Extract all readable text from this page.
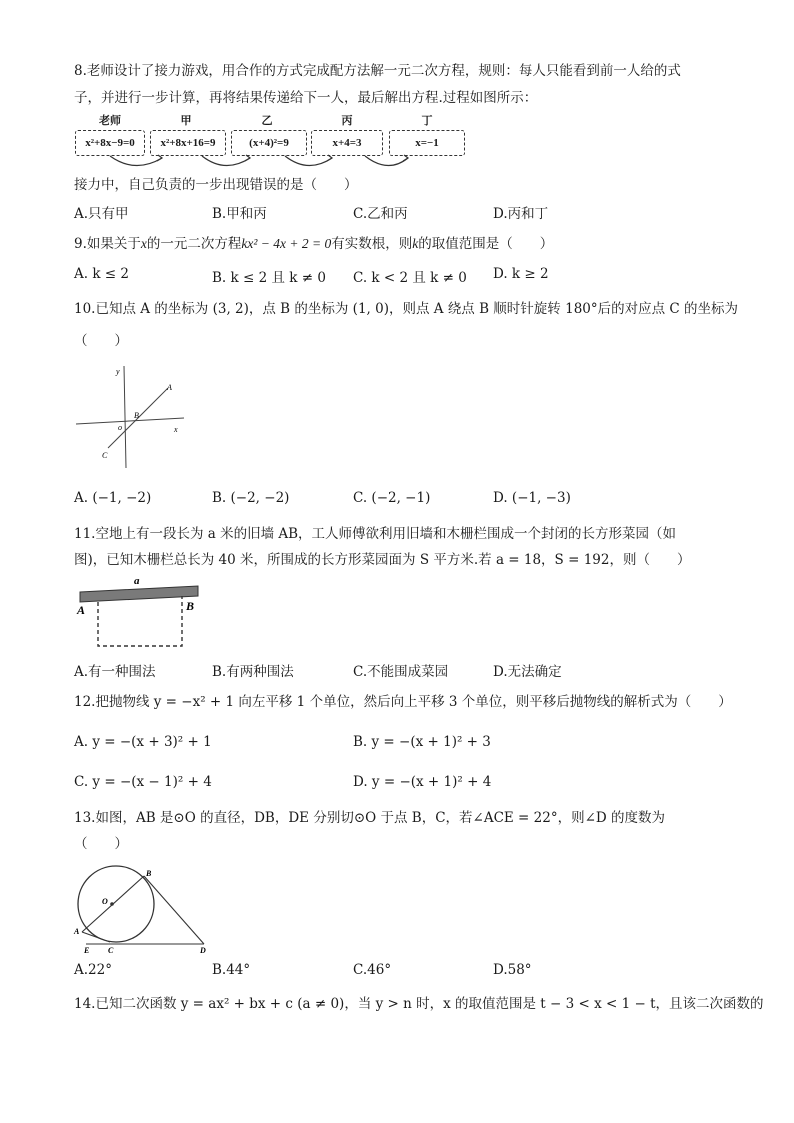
8.老师设计了接力游戏，用合作的方式完成配方法解一元二次方程，规则：每人只能看到前一人给的式
子，并进行一步计算，再将结果传递给下一人，最后解出方程.过程如图所示：
老师	甲	乙	丙	丁
x²+8x−9=0	x²+8x+16=9	(x+4)²=9	x+4=3	x=−1
接力中，自己负责的一步出现错误的是（　　）
A.只有甲	B.甲和丙	C.乙和丙	D.丙和丁
9.如果关于x的一元二次方程kx² − 4x + 2 = 0有实数根，则k的取值范围是（　　）
A. k ≤ 2	B. k ≤ 2 且 k ≠ 0 C. k < 2 且 k ≠ 0 D. k ≥ 2
10.已知点 A 的坐标为 (3, 2)，点 B 的坐标为 (1, 0)，则点 A 绕点 B 顺时针旋转 180°后的对应点 C 的坐标为
（　　）
y
x
o
A
B
C
A. (−1, −2)	B. (−2, −2)	C. (−2, −1)	D. (−1, −3)
11.空地上有一段长为 a 米的旧墙 AB，工人师傅欲利用旧墙和木栅栏围成一个封闭的长方形菜园（如
图)，已知木栅栏总长为 40 米，所围成的长方形菜园面为 S 平方米.若 a = 18，S = 192，则（　　）
a
A	B
A.有一种围法	B.有两种围法	C.不能围成菜园	D.无法确定
12.把抛物线 y = −x² + 1 向左平移 1 个单位，然后向上平移 3 个单位，则平移后抛物线的解析式为（　　）
A. y = −(x + 3)² + 1	B. y = −(x + 1)² + 3
C. y = −(x − 1)² + 4	D. y = −(x + 1)² + 4
13.如图，AB 是⊙O 的直径，DB，DE 分别切⊙O 于点 B，C，若∠ACE = 22°，则∠D 的度数为
（　　）
B
O
A
E C	D
A.22°	B.44°	C.46°	D.58°
14.已知二次函数 y = ax² + bx + c (a ≠ 0)，当 y > n 时，x 的取值范围是 t − 3 < x < 1 − t，且该二次函数的
